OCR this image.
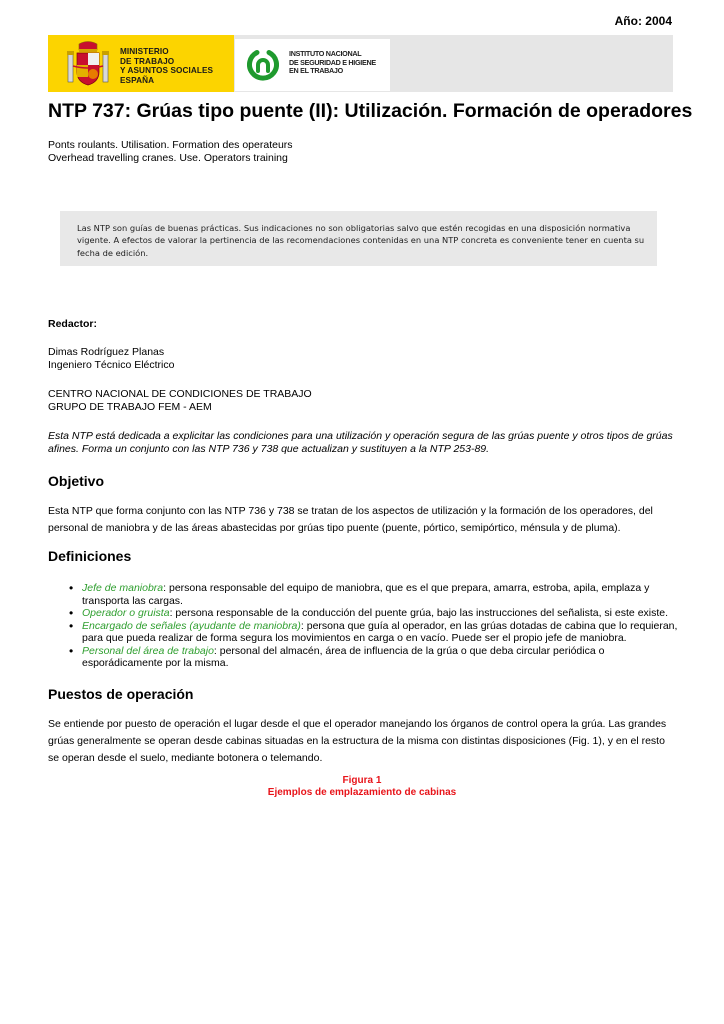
Año: 2004
MINISTERIO
DE TRABAJO
Y ASUNTOS SOCIALES
ESPAÑA
INSTITUTO NACIONAL
DE SEGURIDAD E HIGIENE
EN EL TRABAJO
NTP 737: Grúas tipo puente (II): Utilización. Formación de operadores
Ponts roulants. Utilisation. Formation des operateurs
Overhead travelling cranes. Use. Operators training

Las NTP son guías de buenas prácticas. Sus indicaciones no son obligatorias salvo que estén recogidas en una disposición normativa vigente. A efectos de valorar la pertinencia de las recomendaciones contenidas en una NTP concreta es conveniente tener en cuenta su fecha de edición.

Redactor:
Dimas Rodríguez Planas
Ingeniero Técnico Eléctrico
CENTRO NACIONAL DE CONDICIONES DE TRABAJO
GRUPO DE TRABAJO FEM - AEM
Esta NTP está dedicada a explicitar las condiciones para una utilización y operación segura de las grúas puente y otros tipos de grúas afines. Forma un conjunto con las NTP 736 y 738 que actualizan y sustituyen a la NTP 253-89.
Objetivo
Esta NTP que forma conjunto con las NTP 736 y 738 se tratan de los aspectos de utilización y la formación de los operadores, del personal de maniobra y de las áreas abastecidas por grúas tipo puente (puente, pórtico, semipórtico, ménsula y de pluma).
Definiciones
• Jefe de maniobra: persona responsable del equipo de maniobra, que es el que prepara, amarra, estroba, apila, emplaza y transporta las cargas.
• Operador o gruista: persona responsable de la conducción del puente grúa, bajo las instrucciones del señalista, si este existe.
• Encargado de señales (ayudante de maniobra): persona que guía al operador, en las grúas dotadas de cabina que lo requieran, para que pueda realizar de forma segura los movimientos en carga o en vacío. Puede ser el propio jefe de maniobra.
• Personal del área de trabajo: personal del almacén, área de influencia de la grúa o que deba circular periódica o esporádicamente por la misma.
Puestos de operación
Se entiende por puesto de operación el lugar desde el que el operador manejando los órganos de control opera la grúa. Las grandes grúas generalmente se operan desde cabinas situadas en la estructura de la misma con distintas disposiciones (Fig. 1), y en el resto se operan desde el suelo, mediante botonera o telemando.
Figura 1
Ejemplos de emplazamiento de cabinas
